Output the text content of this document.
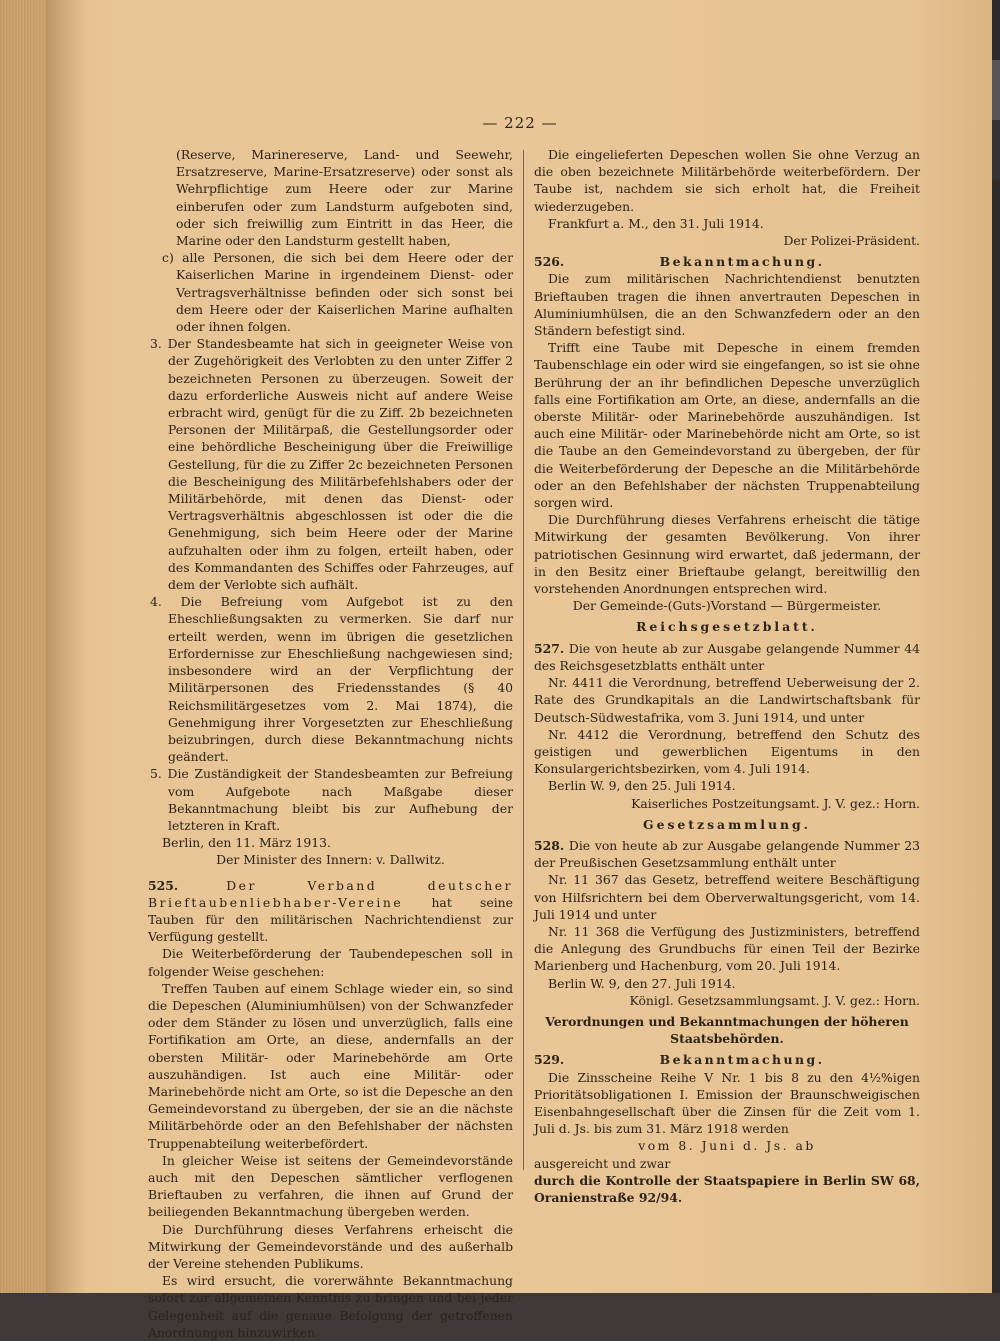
— 222 —

(Reserve, Marinereserve, Land- und Seewehr, Ersatzreserve, Marine-Ersatzreserve) oder sonst als Wehrpflichtige zum Heere oder zur Marine einberufen oder zum Landsturm aufgeboten sind, oder sich freiwillig zum Eintritt in das Heer, die Marine oder den Landsturm gestellt haben,

c) alle Personen, die sich bei dem Heere oder der Kaiserlichen Marine in irgendeinem Dienst- oder Vertragsverhältnisse befinden oder sich sonst bei dem Heere oder der Kaiserlichen Marine aufhalten oder ihnen folgen.

3. Der Standesbeamte hat sich in geeigneter Weise von der Zugehörigkeit des Verlobten zu den unter Ziffer 2 bezeichneten Personen zu überzeugen. Soweit der dazu erforderliche Ausweis nicht auf andere Weise erbracht wird, genügt für die zu Ziff. 2b bezeichneten Personen der Militärpaß, die Gestellungsorder oder eine behördliche Bescheinigung über die Freiwillige Gestellung, für die zu Ziffer 2c bezeichneten Personen die Bescheinigung des Militärbefehlshabers oder der Militärbehörde, mit denen das Dienst- oder Vertragsverhältnis abgeschlossen ist oder die die Genehmigung, sich beim Heere oder der Marine aufzuhalten oder ihm zu folgen, erteilt haben, oder des Kommandanten des Schiffes oder Fahrzeuges, auf dem der Verlobte sich aufhält.

4. Die Befreiung vom Aufgebot ist zu den Eheschließungsakten zu vermerken. Sie darf nur erteilt werden, wenn im übrigen die gesetzlichen Erfordernisse zur Eheschließung nachgewiesen sind; insbesondere wird an der Verpflichtung der Militärpersonen des Friedensstandes (§ 40 Reichsmilitärgesetzes vom 2. Mai 1874), die Genehmigung ihrer Vorgesetzten zur Eheschließung beizubringen, durch diese Bekanntmachung nichts geändert.

5. Die Zuständigkeit der Standesbeamten zur Befreiung vom Aufgebote nach Maßgabe dieser Bekanntmachung bleibt bis zur Aufhebung der letzteren in Kraft.

Berlin, den 11. März 1913.

Der Minister des Innern: v. Dallwitz.

525.	Der Verband deutscher Brieftaubenliebhaber-Vereine hat seine Tauben für den militärischen Nachrichtendienst zur Verfügung gestellt.

Die Weiterbeförderung der Taubendepeschen soll in folgender Weise geschehen:

Treffen Tauben auf einem Schlage wieder ein, so sind die Depeschen (Aluminiumhülsen) von der Schwanzfeder oder dem Ständer zu lösen und unverzüglich, falls eine Fortifikation am Orte, an diese, andernfalls an der obersten Militär- oder Marinebehörde am Orte auszuhändigen. Ist auch eine Militär- oder Marinebehörde nicht am Orte, so ist die Depesche an den Gemeindevorstand zu übergeben, der sie an die nächste Militärbehörde oder an den Befehlshaber der nächsten Truppenabteilung weiterbefördert.

In gleicher Weise ist seitens der Gemeindevorstände auch mit den Depeschen sämtlicher verflogenen Brieftauben zu verfahren, die ihnen auf Grund der beiliegenden Bekanntmachung übergeben werden.

Die Durchführung dieses Verfahrens erheischt die Mitwirkung der Gemeindevorstände und des außerhalb der Vereine stehenden Publikums.

Es wird ersucht, die vorerwähnte Bekanntmachung sofort zur allgemeinen Kenntnis zu bringen und bei jeder Gelegenheit auf die genaue Befolgung der getroffenen Anordnungen hinzuwirken.

Die eingelieferten Depeschen wollen Sie ohne Verzug an die oben bezeichnete Militärbehörde weiterbefördern. Der Taube ist, nachdem sie sich erholt hat, die Freiheit wiederzugeben.

Frankfurt a. M., den 31. Juli 1914.

Der Polizei-Präsident.

526.	Bekanntmachung.

Die zum militärischen Nachrichtendienst benutzten Brieftauben tragen die ihnen anvertrauten Depeschen in Aluminiumhülsen, die an den Schwanzfedern oder an den Ständern befestigt sind.

Trifft eine Taube mit Depesche in einem fremden Taubenschlage ein oder wird sie eingefangen, so ist sie ohne Berührung der an ihr befindlichen Depesche unverzüglich falls eine Fortifikation am Orte, an diese, andernfalls an die oberste Militär- oder Marinebehörde auszuhändigen. Ist auch eine Militär- oder Marinebehörde nicht am Orte, so ist die Taube an den Gemeindevorstand zu übergeben, der für die Weiterbeförderung der Depesche an die Militärbehörde oder an den Befehlshaber der nächsten Truppenabteilung sorgen wird.

Die Durchführung dieses Verfahrens erheischt die tätige Mitwirkung der gesamten Bevölkerung. Von ihrer patriotischen Gesinnung wird erwartet, daß jedermann, der in den Besitz einer Brieftaube gelangt, bereitwillig den vorstehenden Anordnungen entsprechen wird.

Der Gemeinde-(Guts-)Vorstand — Bürgermeister.

Reichsgesetzblatt.

527. Die von heute ab zur Ausgabe gelangende Nummer 44 des Reichsgesetzblatts enthält unter

Nr. 4411 die Verordnung, betreffend Ueberweisung der 2. Rate des Grundkapitals an die Landwirtschaftsbank für Deutsch-Südwestafrika, vom 3. Juni 1914, und unter

Nr. 4412 die Verordnung, betreffend den Schutz des geistigen und gewerblichen Eigentums in den Konsulargerichtsbezirken, vom 4. Juli 1914.

Berlin W. 9, den 25. Juli 1914.

Kaiserliches Postzeitungsamt. J. V. gez.: Horn.

Gesetzsammlung.

528. Die von heute ab zur Ausgabe gelangende Nummer 23 der Preußischen Gesetzsammlung enthält unter

Nr. 11 367 das Gesetz, betreffend weitere Beschäftigung von Hilfsrichtern bei dem Oberverwaltungsgericht, vom 14. Juli 1914 und unter

Nr. 11 368 die Verfügung des Justizministers, betreffend die Anlegung des Grundbuchs für einen Teil der Bezirke Marienberg und Hachenburg, vom 20. Juli 1914.

Berlin W. 9, den 27. Juli 1914.

Königl. Gesetzsammlungsamt. J. V. gez.: Horn.

Verordnungen und Bekanntmachungen der höheren Staatsbehörden.

529.	Bekanntmachung.

Die Zinsscheine Reihe V Nr. 1 bis 8 zu den 4½%igen Prioritätsobligationen I. Emission der Braunschweigischen Eisenbahngesellschaft über die Zinsen für die Zeit vom 1. Juli d. Js. bis zum 31. März 1918 werden

vom 8. Juni d. Js. ab

ausgereicht und zwar

durch die Kontrolle der Staatspapiere in Berlin SW 68, Oranienstraße 92/94.
